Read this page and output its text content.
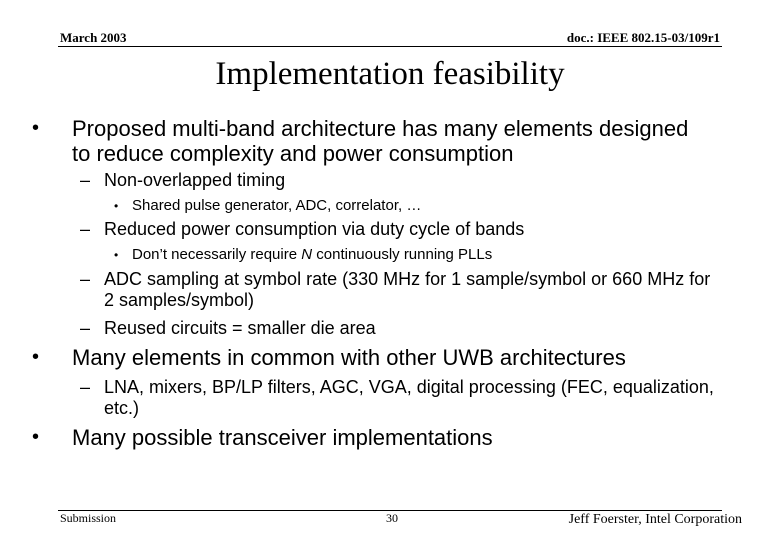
March 2003	doc.: IEEE 802.15-03/109r1
Implementation feasibility
• Proposed multi-band architecture has many elements designed to reduce complexity and power consumption
– Non-overlapped timing
• Shared pulse generator, ADC, correlator, …
– Reduced power consumption via duty cycle of bands
• Don’t necessarily require N continuously running PLLs
– ADC sampling at symbol rate (330 MHz for 1 sample/symbol or 660 MHz for 2 samples/symbol)
– Reused circuits = smaller die area
• Many elements in common with other UWB architectures
– LNA, mixers, BP/LP filters, AGC, VGA, digital processing (FEC, equalization, etc.)
• Many possible transceiver implementations
Submission	30	Jeff Foerster, Intel Corporation
